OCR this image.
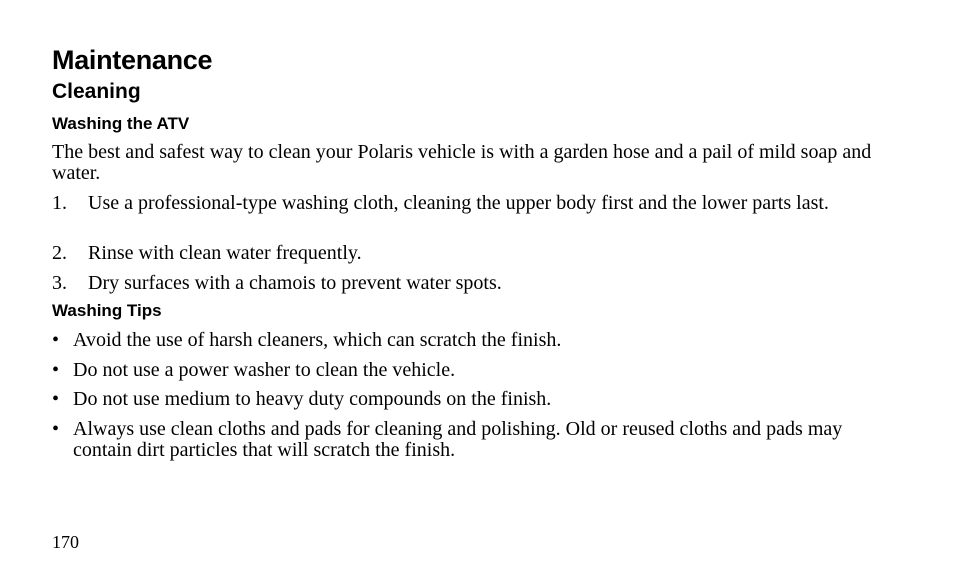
Maintenance
Cleaning
Washing the ATV

The best and safest way to clean your Polaris vehicle is with a garden hose and a pail of mild soap and water.

1. Use a professional-type washing cloth, cleaning the upper body first and the lower parts last.
2. Rinse with clean water frequently.
3. Dry surfaces with a chamois to prevent water spots.
Washing Tips
• Avoid the use of harsh cleaners, which can scratch the finish.
• Do not use a power washer to clean the vehicle.
• Do not use medium to heavy duty compounds on the finish.
• Always use clean cloths and pads for cleaning and polishing. Old or reused cloths and pads may contain dirt particles that will scratch the finish.
170
